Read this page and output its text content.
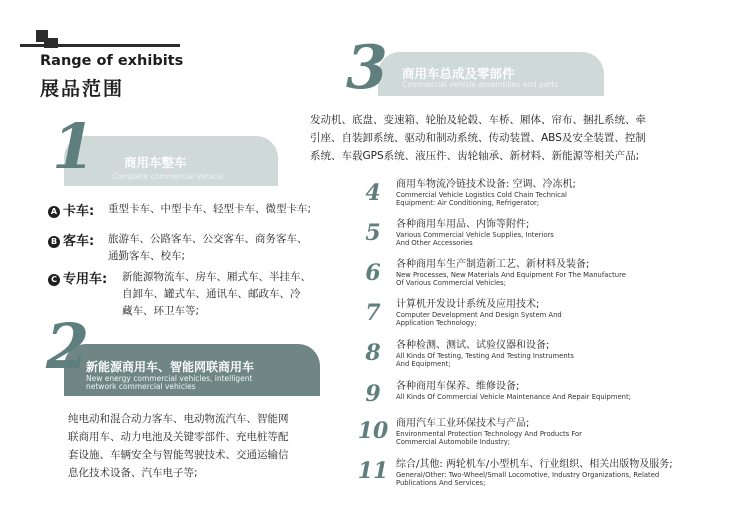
Range of exhibits
展品范围
1 商用车整车
Complete commercial vehicle
A 卡车: 重型卡车、中型卡车、轻型卡车、微型卡车;
B 客车: 旅游车、公路客车、公交客车、商务客车、
通勤客车、校车;
C 专用车: 新能源物流车、房车、厢式车、半挂车、
自卸车、罐式车、通讯车、邮政车、冷
藏车、环卫车等;
2
新能源商用车、智能网联商用车
New energy commercial vehicles, intelligent
network commercial vehicles
纯电动和混合动力客车、电动物流汽车、智能网
联商用车、动力电池及关键零部件、充电桩等配
套设施、车辆安全与智能驾驶技术、交通运输信
息化技术设备、汽车电子等;
3 商用车总成及零部件
Commercial vehicle assemblies and parts
发动机、底盘、变速箱、轮胎及轮毂、车桥、厢体、帘布、捆扎系统、牵
引座、自装卸系统、驱动和制动系统、传动装置、ABS及安全装置、控制
系统、车载GPS系统、液压件、齿轮轴承、新材料、新能源等相关产品;
4	商用车物流冷链技术设备: 空调、冷冻机;
Commercial Vehicle Logistics Cold Chain Technical
Equipment: Air Conditioning, Refrigerator;
5	各种商用车用品、内饰等附件;
Various Commercial Vehicle Supplies, Interiors
And Other Accessories
6	各种商用车生产制造新工艺、新材料及装备;
New Processes, New Materials And Equipment For The Manufacture
Of Various Commercial Vehicles;
7	计算机开发设计系统及应用技术;
Computer Development And Design System And
Application Technology;
8	各种检测、测试、试验仪器和设备;
All Kinds Of Testing, Testing And Testing Instruments
And Equipment;
9	各种商用车保养、维修设备;
All Kinds Of Commercial Vehicle Maintenance And Repair Equipment;
10 商用汽车工业环保技术与产品;
Environmental Protection Technology And Products For
Commercial Automobile Industry;
11 综合/其他: 两轮机车/小型机车、行业组织、相关出版物及服务;
General/Other: Two-Wheel/Small Locomotive, Industry Organizations, Related
Publications And Services;
